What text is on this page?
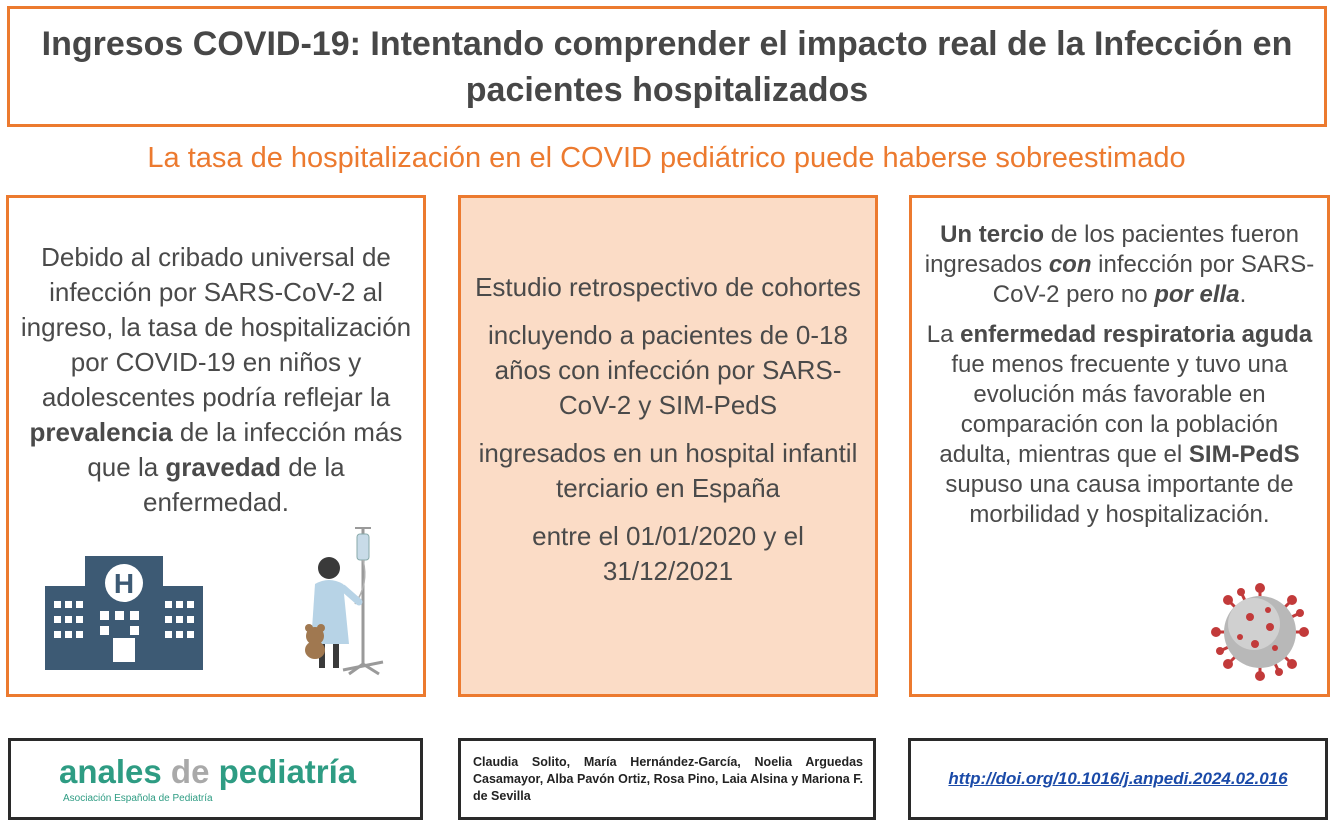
Ingresos COVID-19: Intentando comprender el impacto real de la Infección en pacientes hospitalizados
La tasa de hospitalización en el COVID pediátrico puede haberse sobreestimado

Debido al cribado universal de infección por SARS-CoV-2 al ingreso, la tasa de hospitalización por COVID-19 en niños y adolescentes podría reflejar la prevalencia de la infección más que la gravedad de la enfermedad.

H

Estudio retrospectivo de cohortes

incluyendo a pacientes de 0-18 años con infección por SARS-CoV-2 y SIM-PedS

ingresados en un hospital infantil terciario en España

entre el 01/01/2020 y el 31/12/2021

Un tercio de los pacientes fueron ingresados con infección por SARS-CoV-2 pero no por ella.

La enfermedad respiratoria aguda fue menos frecuente y tuvo una evolución más favorable en comparación con la población adulta, mientras que el SIM-PedS supuso una causa importante de morbilidad y hospitalización.

anales de pediatría
Asociación Española de Pediatría
Claudia Solito, María Hernández-García, Noelia Arguedas Casamayor, Alba Pavón Ortiz, Rosa Pino, Laia Alsina y Mariona F. de Sevilla
http://doi.org/10.1016/j.anpedi.2024.02.016
